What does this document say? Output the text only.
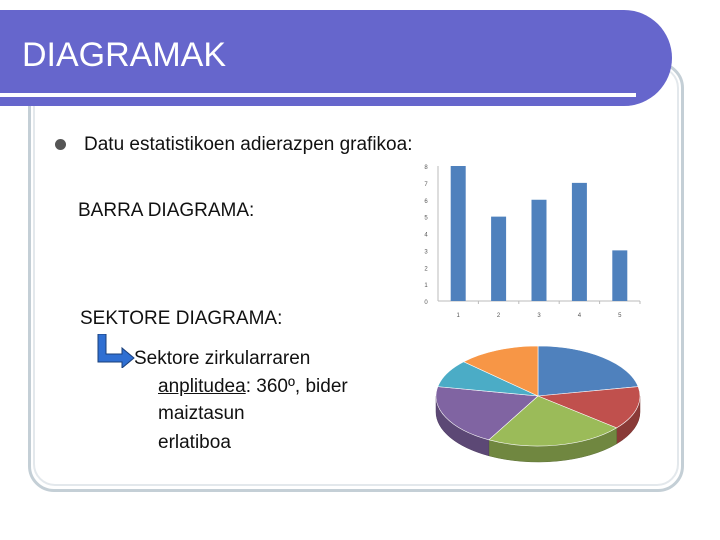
DIAGRAMAK
Datu estatistikoen adierazpen grafikoa:
BARRA DIAGRAMA:
SEKTORE DIAGRAMA:
Sektore zirkularraren
anplitudea: 360º, bider
maiztasun
erlatiboa
0
1
2
3
4
5
6
7
8
1	2	3	4	5
